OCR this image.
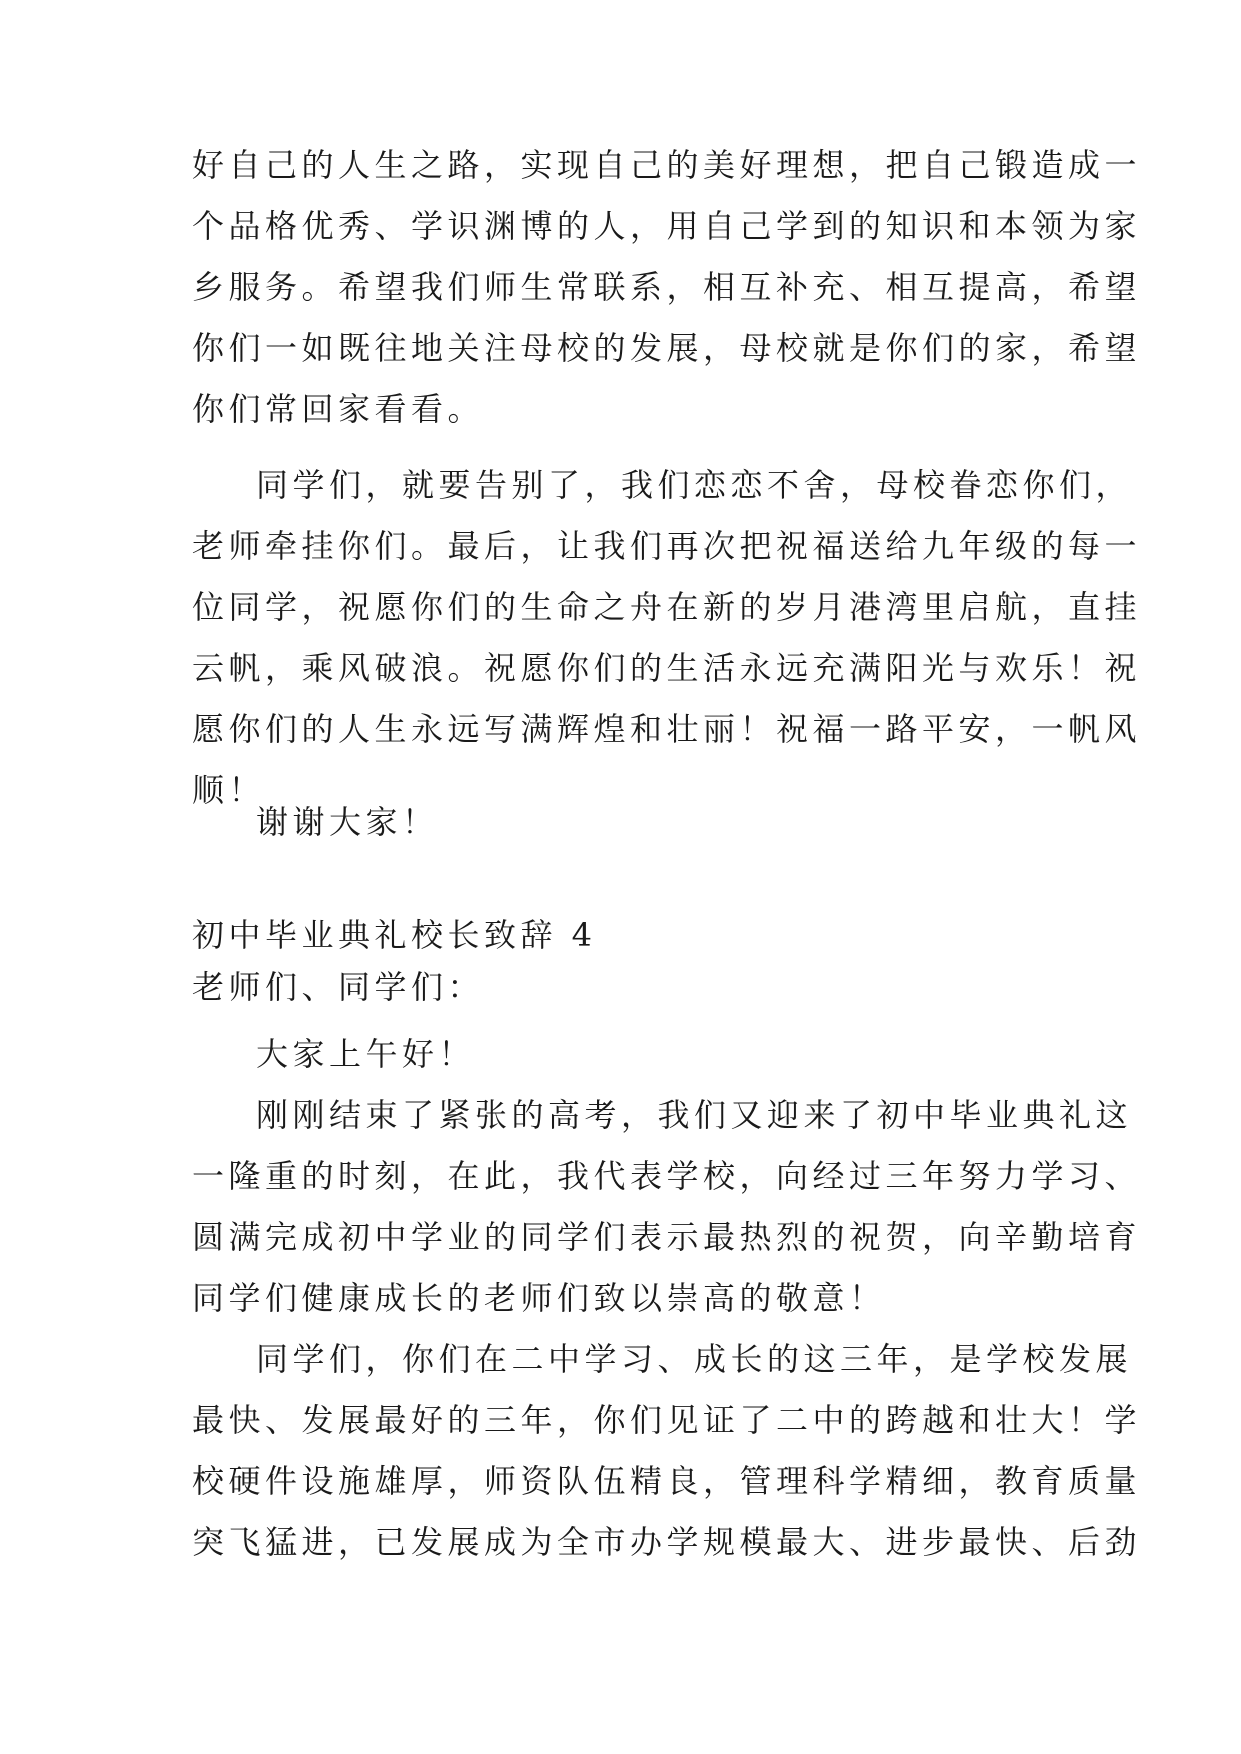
好自己的人生之路，实现自己的美好理想，把自己锻造成一
个品格优秀、学识渊博的人，用自己学到的知识和本领为家
乡服务。希望我们师生常联系，相互补充、相互提高，希望
你们一如既往地关注母校的发展，母校就是你们的家，希望
你们常回家看看。
同学们，就要告别了，我们恋恋不舍，母校眷恋你们，
老师牵挂你们。最后，让我们再次把祝福送给九年级的每一
位同学，祝愿你们的生命之舟在新的岁月港湾里启航，直挂
云帆，乘风破浪。祝愿你们的生活永远充满阳光与欢乐！祝
愿你们的人生永远写满辉煌和壮丽！祝福一路平安，一帆风
顺！
谢谢大家！
初中毕业典礼校长致辞 4
老师们、同学们：
大家上午好！
刚刚结束了紧张的高考，我们又迎来了初中毕业典礼这
一隆重的时刻，在此，我代表学校，向经过三年努力学习、
圆满完成初中学业的同学们表示最热烈的祝贺，向辛勤培育
同学们健康成长的老师们致以崇高的敬意！
同学们，你们在二中学习、成长的这三年，是学校发展
最快、发展最好的三年，你们见证了二中的跨越和壮大！学
校硬件设施雄厚，师资队伍精良，管理科学精细，教育质量
突飞猛进，已发展成为全市办学规模最大、进步最快、后劲
